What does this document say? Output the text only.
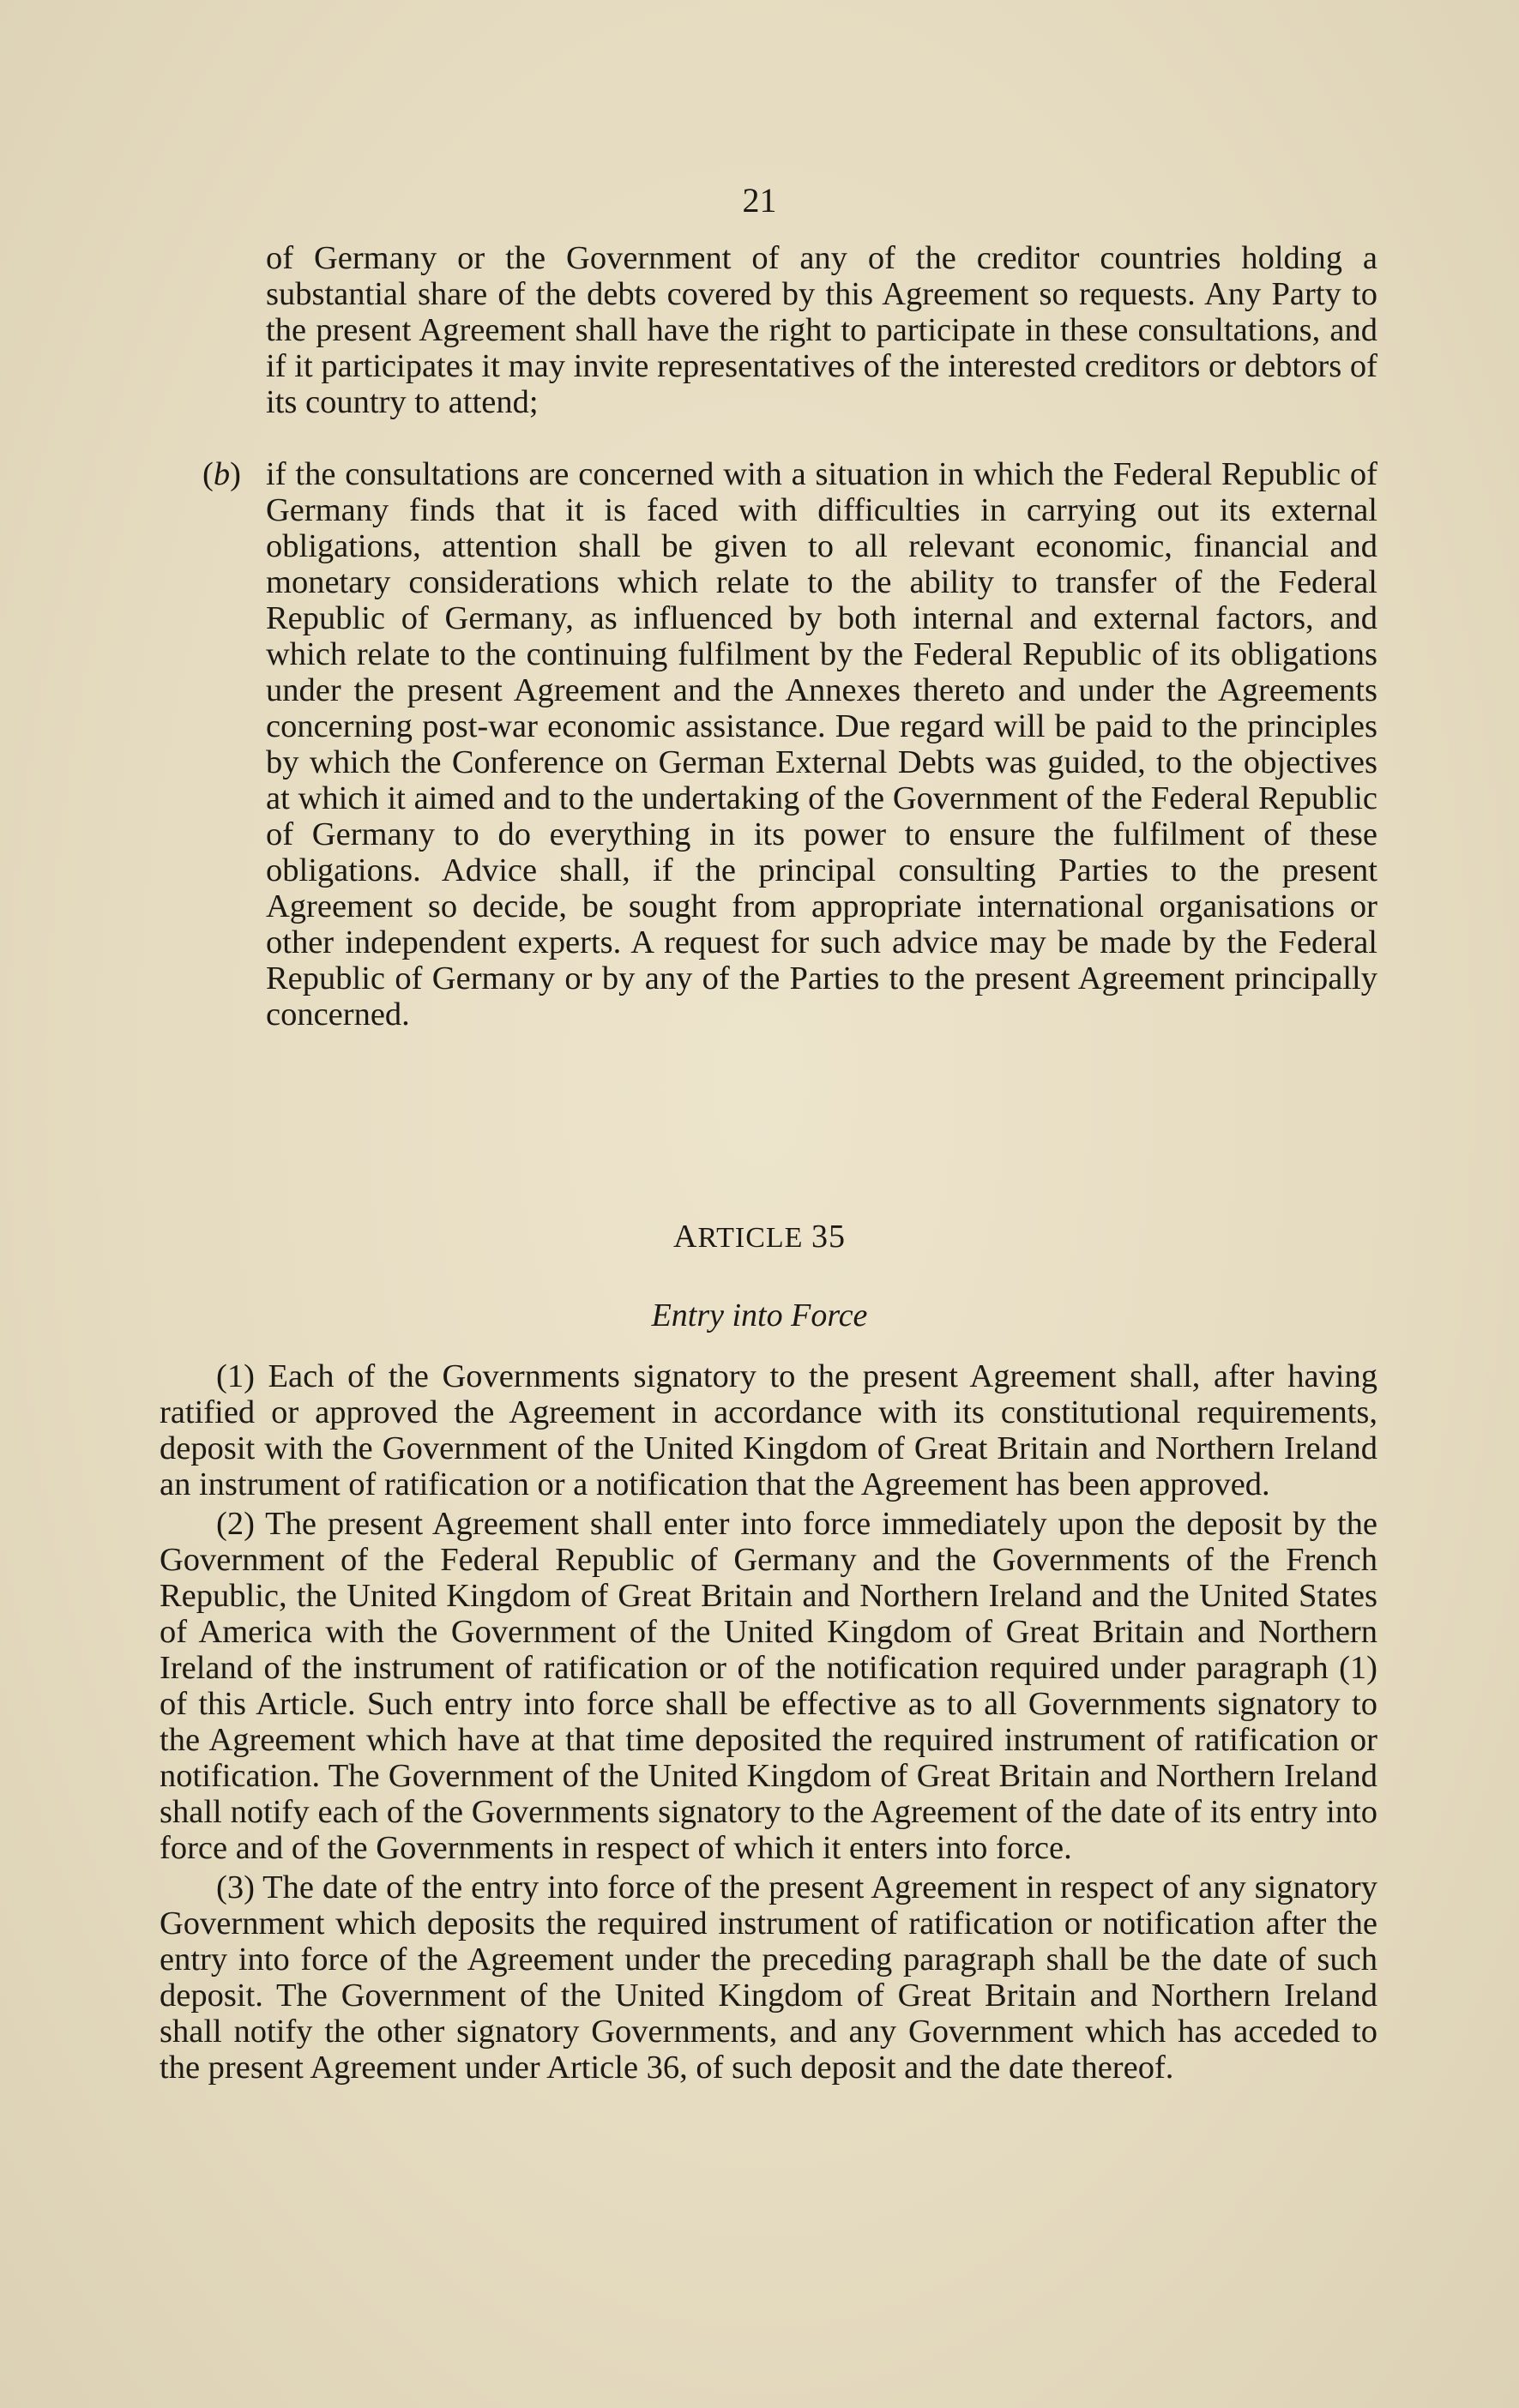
21

of Germany or the Government of any of the creditor countries holding a substantial share of the debts covered by this Agreement so requests. Any Party to the present Agreement shall have the right to participate in these consultations, and if it participates it may invite representatives of the interested creditors or debtors of its country to attend;

(b) if the consultations are concerned with a situation in which the Federal Republic of Germany finds that it is faced with difficulties in carrying out its external obligations, attention shall be given to all relevant economic, financial and monetary considerations which relate to the ability to transfer of the Federal Republic of Germany, as influenced by both internal and external factors, and which relate to the continuing fulfilment by the Federal Republic of its obligations under the present Agreement and the Annexes thereto and under the Agreements concerning post-war economic assistance. Due regard will be paid to the principles by which the Conference on German External Debts was guided, to the objectives at which it aimed and to the undertaking of the Government of the Federal Republic of Germany to do everything in its power to ensure the fulfilment of these obligations. Advice shall, if the principal consulting Parties to the present Agreement so decide, be sought from appropriate international organisations or other independent experts. A request for such advice may be made by the Federal Republic of Germany or by any of the Parties to the present Agreement principally concerned.

ARTICLE 35
Entry into Force

(1) Each of the Governments signatory to the present Agreement shall, after having ratified or approved the Agreement in accordance with its constitutional requirements, deposit with the Government of the United Kingdom of Great Britain and Northern Ireland an instrument of ratification or a notification that the Agreement has been approved.

(2) The present Agreement shall enter into force immediately upon the deposit by the Government of the Federal Republic of Germany and the Governments of the French Republic, the United Kingdom of Great Britain and Northern Ireland and the United States of America with the Government of the United Kingdom of Great Britain and Northern Ireland of the instrument of ratification or of the notification required under paragraph (1) of this Article. Such entry into force shall be effective as to all Governments signatory to the Agreement which have at that time deposited the required instrument of ratification or notification. The Government of the United Kingdom of Great Britain and Northern Ireland shall notify each of the Governments signatory to the Agreement of the date of its entry into force and of the Governments in respect of which it enters into force.

(3) The date of the entry into force of the present Agreement in respect of any signatory Government which deposits the required instrument of ratification or notification after the entry into force of the Agreement under the preceding paragraph shall be the date of such deposit. The Government of the United Kingdom of Great Britain and Northern Ireland shall notify the other signatory Governments, and any Government which has acceded to the present Agreement under Article 36, of such deposit and the date thereof.
